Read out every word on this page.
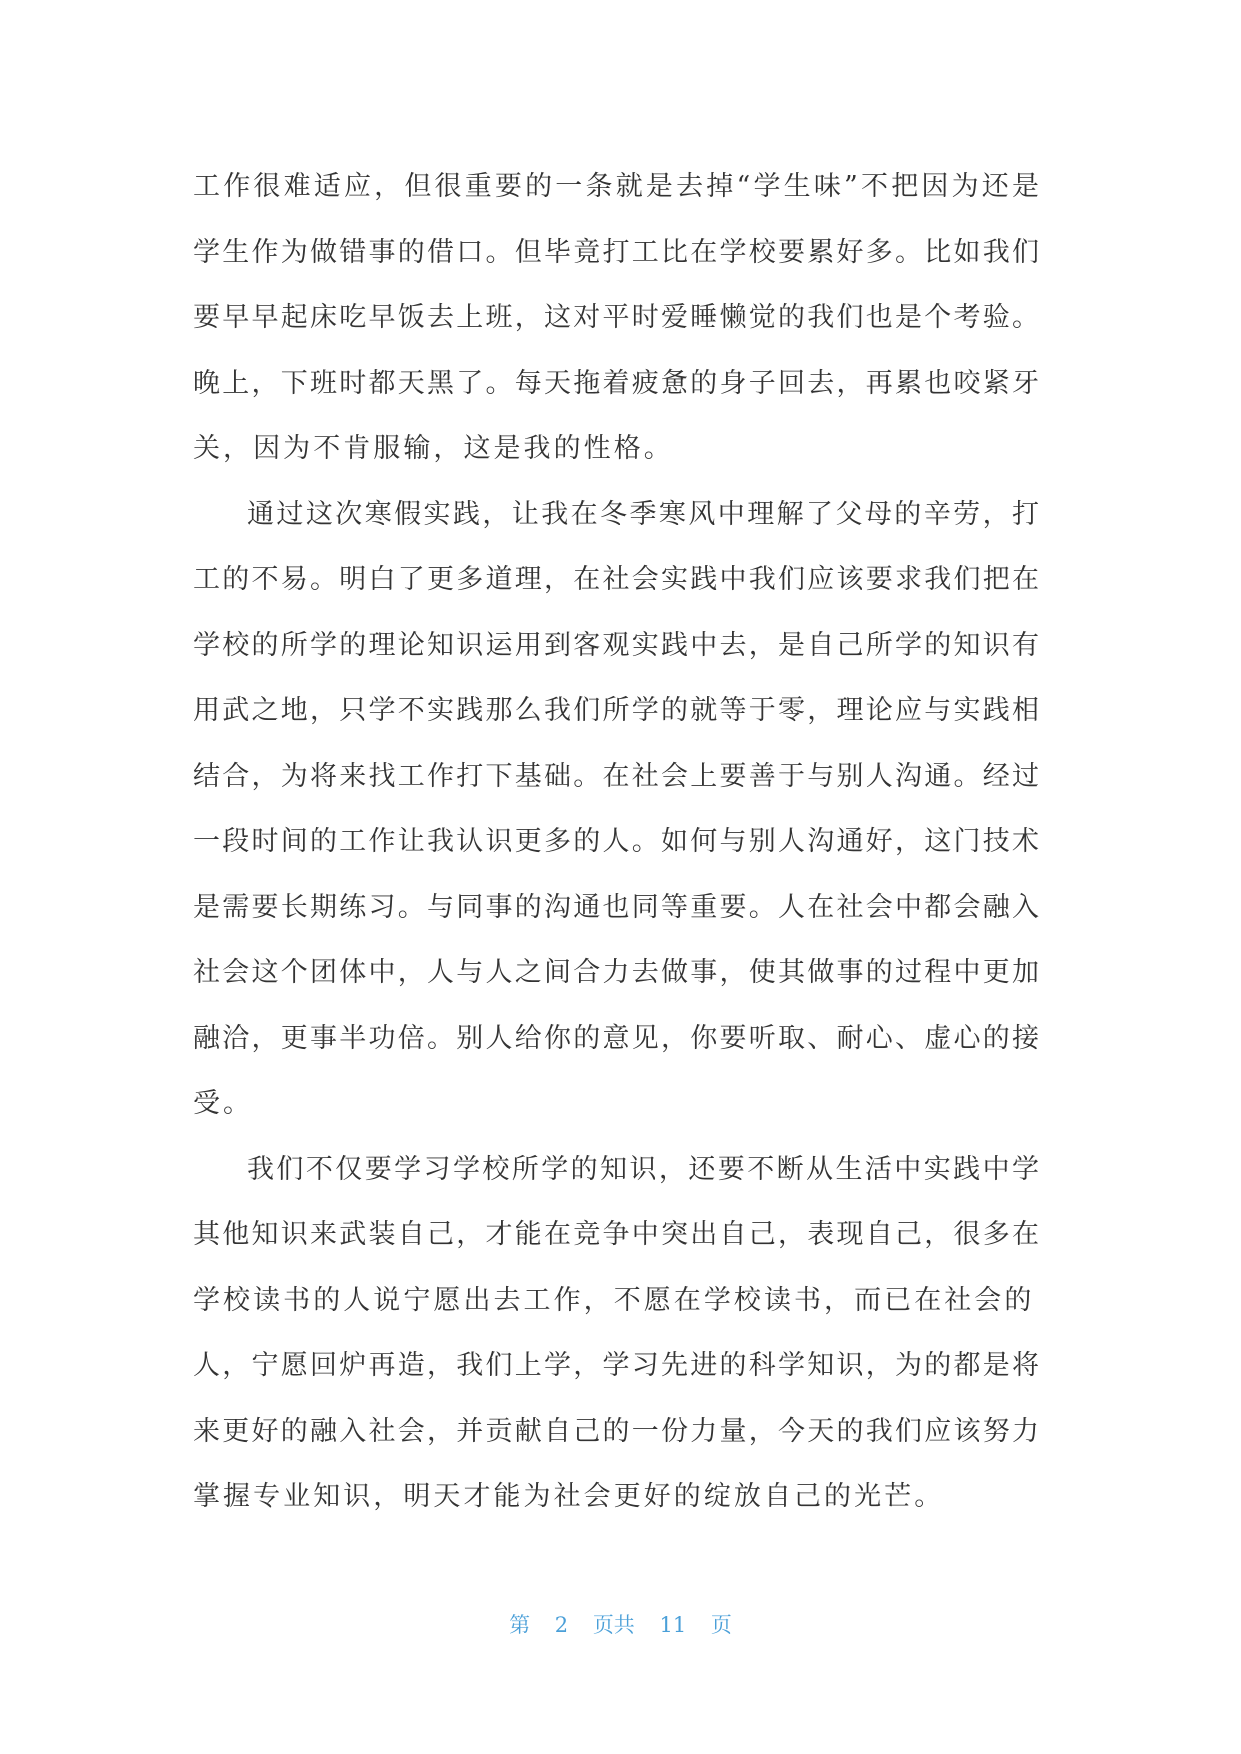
工作很难适应，但很重要的一条就是去掉“学生味”不把因为还是
学生作为做错事的借口。但毕竟打工比在学校要累好多。比如我们
要早早起床吃早饭去上班，这对平时爱睡懒觉的我们也是个考验。
晚上，下班时都天黑了。每天拖着疲惫的身子回去，再累也咬紧牙
关，因为不肯服输，这是我的性格。
通过这次寒假实践，让我在冬季寒风中理解了父母的辛劳，打
工的不易。明白了更多道理，在社会实践中我们应该要求我们把在
学校的所学的理论知识运用到客观实践中去，是自己所学的知识有
用武之地，只学不实践那么我们所学的就等于零，理论应与实践相
结合，为将来找工作打下基础。在社会上要善于与别人沟通。经过
一段时间的工作让我认识更多的人。如何与别人沟通好，这门技术
是需要长期练习。与同事的沟通也同等重要。人在社会中都会融入
社会这个团体中，人与人之间合力去做事，使其做事的过程中更加
融洽，更事半功倍。别人给你的意见，你要听取、耐心、虚心的接
受。
我们不仅要学习学校所学的知识，还要不断从生活中实践中学
其他知识来武装自己，才能在竞争中突出自己，表现自己，很多在
学校读书的人说宁愿出去工作，不愿在学校读书，而已在社会的
人，宁愿回炉再造，我们上学，学习先进的科学知识，为的都是将
来更好的融入社会，并贡献自己的一份力量，今天的我们应该努力
掌握专业知识，明天才能为社会更好的绽放自己的光芒。
第 2 页共 11 页
